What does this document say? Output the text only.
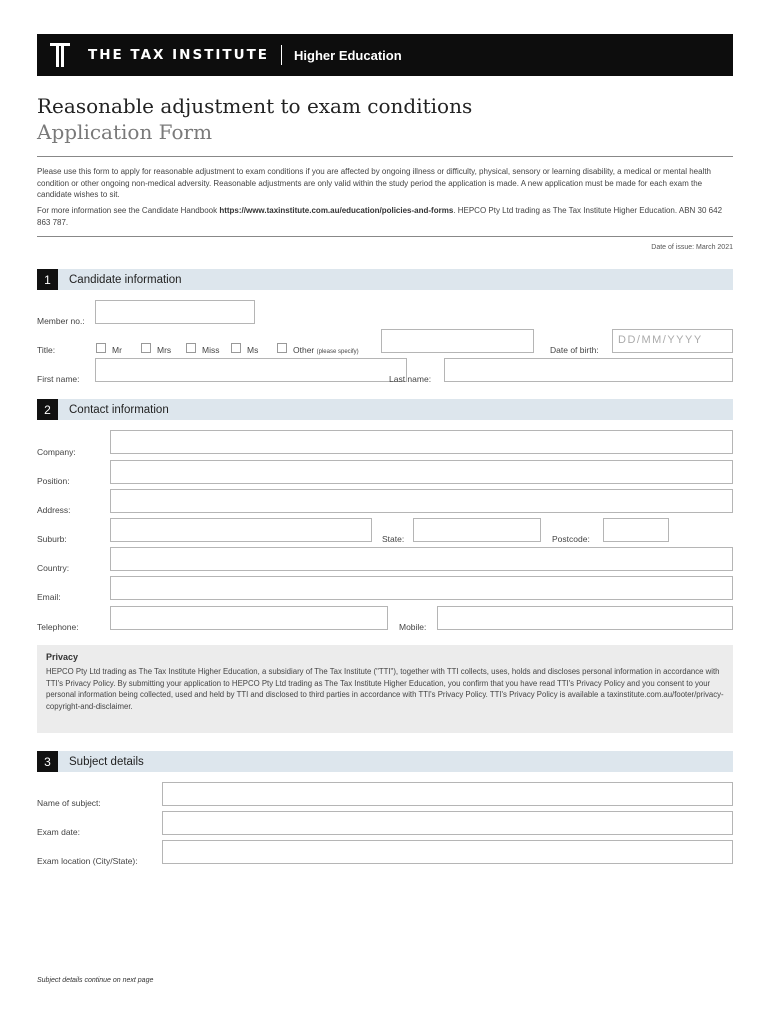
THE TAX INSTITUTE Higher Education
Reasonable adjustment to exam conditions
Application Form
Please use this form to apply for reasonable adjustment to exam conditions if you are affected by ongoing illness or difficulty, physical, sensory or learning disability, a medical or mental health condition or other ongoing non-medical adversity. Reasonable adjustments are only valid within the study period the application is made. A new application must be made for each exam the candidate wishes to sit.
For more information see the Candidate Handbook https://www.taxinstitute.com.au/education/policies-and-forms. HEPCO Pty Ltd trading as The Tax Institute Higher Education. ABN 30 642 863 787.
Date of issue: March 2021
1	Candidate information
Member no.:
Title:	Mr	Mrs	Miss	Ms	Other (please specify)	Date of birth:
DD/MM/YYYY
First name:	Last name:
2	Contact information
Company:
Position:
Address:
Suburb:	State:	Postcode:
Country:
Email:
Telephone:	Mobile:
Privacy
HEPCO Pty Ltd trading as The Tax Institute Higher Education, a subsidiary of The Tax Institute ("TTI"), together with TTI collects, uses, holds and discloses personal information in accordance with TTI's Privacy Policy. By submitting your application to HEPCO Pty Ltd trading as The Tax Institute Higher Education, you confirm that you have read TTI's Privacy Policy and you consent to your personal information being collected, used and held by TTI and disclosed to third parties in accordance with TTI's Privacy Policy. TTI's Privacy Policy is available a taxinstitute.com.au/footer/privacy-copyright-and-disclaimer.
3	Subject details
Name of subject:
Exam date:
Exam location (City/State):
Subject details continue on next page
